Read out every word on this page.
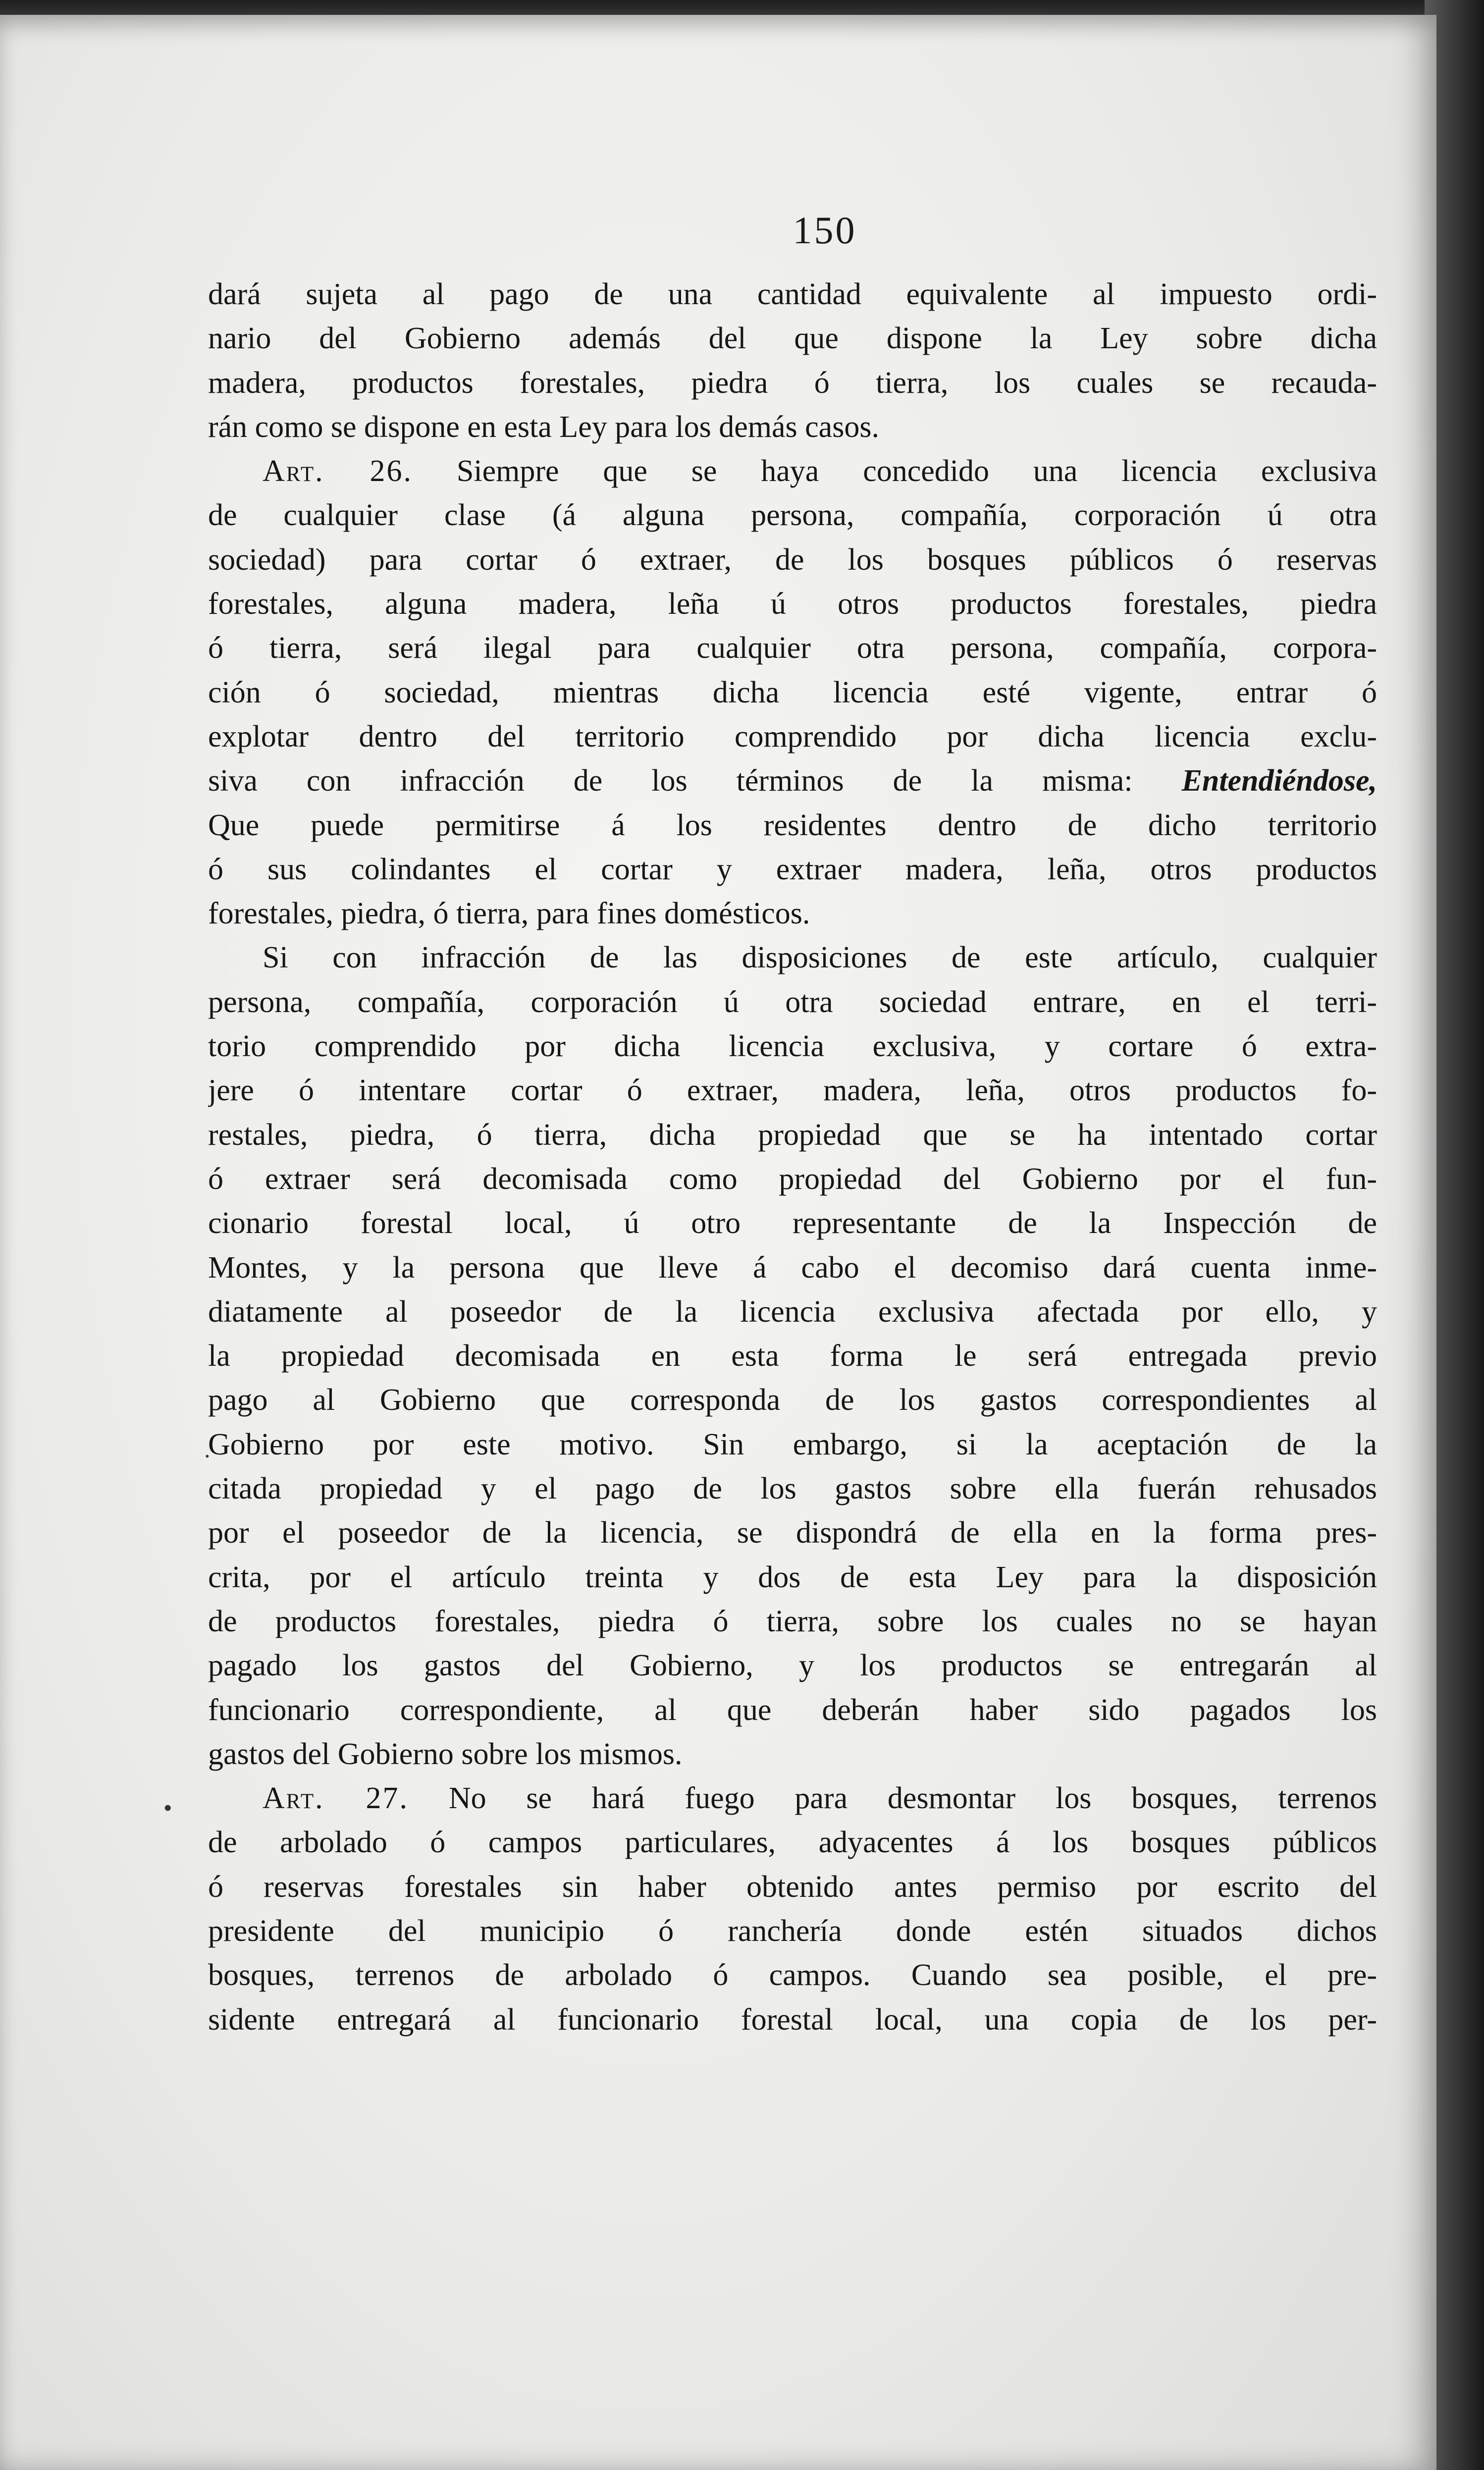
150

dará sujeta al pago de una cantidad equivalente al impuesto ordi-
nario del Gobierno además del que dispone la Ley sobre dicha
madera, productos forestales, piedra ó tierra, los cuales se recauda-
rán como se dispone en esta Ley para los demás casos.

Art. 26. Siempre que se haya concedido una licencia exclusiva
de cualquier clase (á alguna persona, compañía, corporación ú otra
sociedad) para cortar ó extraer, de los bosques públicos ó reservas
forestales, alguna madera, leña ú otros productos forestales, piedra
ó tierra, será ilegal para cualquier otra persona, compañía, corpora-
ción ó sociedad, mientras dicha licencia esté vigente, entrar ó
explotar dentro del territorio comprendido por dicha licencia exclu-
siva con infracción de los términos de la misma: Entendiéndose,
Que puede permitirse á los residentes dentro de dicho territorio
ó sus colindantes el cortar y extraer madera, leña, otros productos
forestales, piedra, ó tierra, para fines domésticos.

Si con infracción de las disposiciones de este artículo, cualquier
persona, compañía, corporación ú otra sociedad entrare, en el terri-
torio comprendido por dicha licencia exclusiva, y cortare ó extra-
jere ó intentare cortar ó extraer, madera, leña, otros productos fo-
restales, piedra, ó tierra, dicha propiedad que se ha intentado cortar
ó extraer será decomisada como propiedad del Gobierno por el fun-
cionario forestal local, ú otro representante de la Inspección de
Montes, y la persona que lleve á cabo el decomiso dará cuenta inme-
diatamente al poseedor de la licencia exclusiva afectada por ello, y
la propiedad decomisada en esta forma le será entregada previo
pago al Gobierno que corresponda de los gastos correspondientes al
Gobierno por este motivo. Sin embargo, si la aceptación de la
citada propiedad y el pago de los gastos sobre ella fuerán rehusados
por el poseedor de la licencia, se dispondrá de ella en la forma pres-
crita, por el artículo treinta y dos de esta Ley para la disposición
de productos forestales, piedra ó tierra, sobre los cuales no se hayan
pagado los gastos del Gobierno, y los productos se entregarán al
funcionario correspondiente, al que deberán haber sido pagados los
gastos del Gobierno sobre los mismos.

Art. 27. No se hará fuego para desmontar los bosques, terrenos
de arbolado ó campos particulares, adyacentes á los bosques públicos
ó reservas forestales sin haber obtenido antes permiso por escrito del
presidente del municipio ó ranchería donde estén situados dichos
bosques, terrenos de arbolado ó campos. Cuando sea posible, el pre-
sidente entregará al funcionario forestal local, una copia de los per-

·
•
